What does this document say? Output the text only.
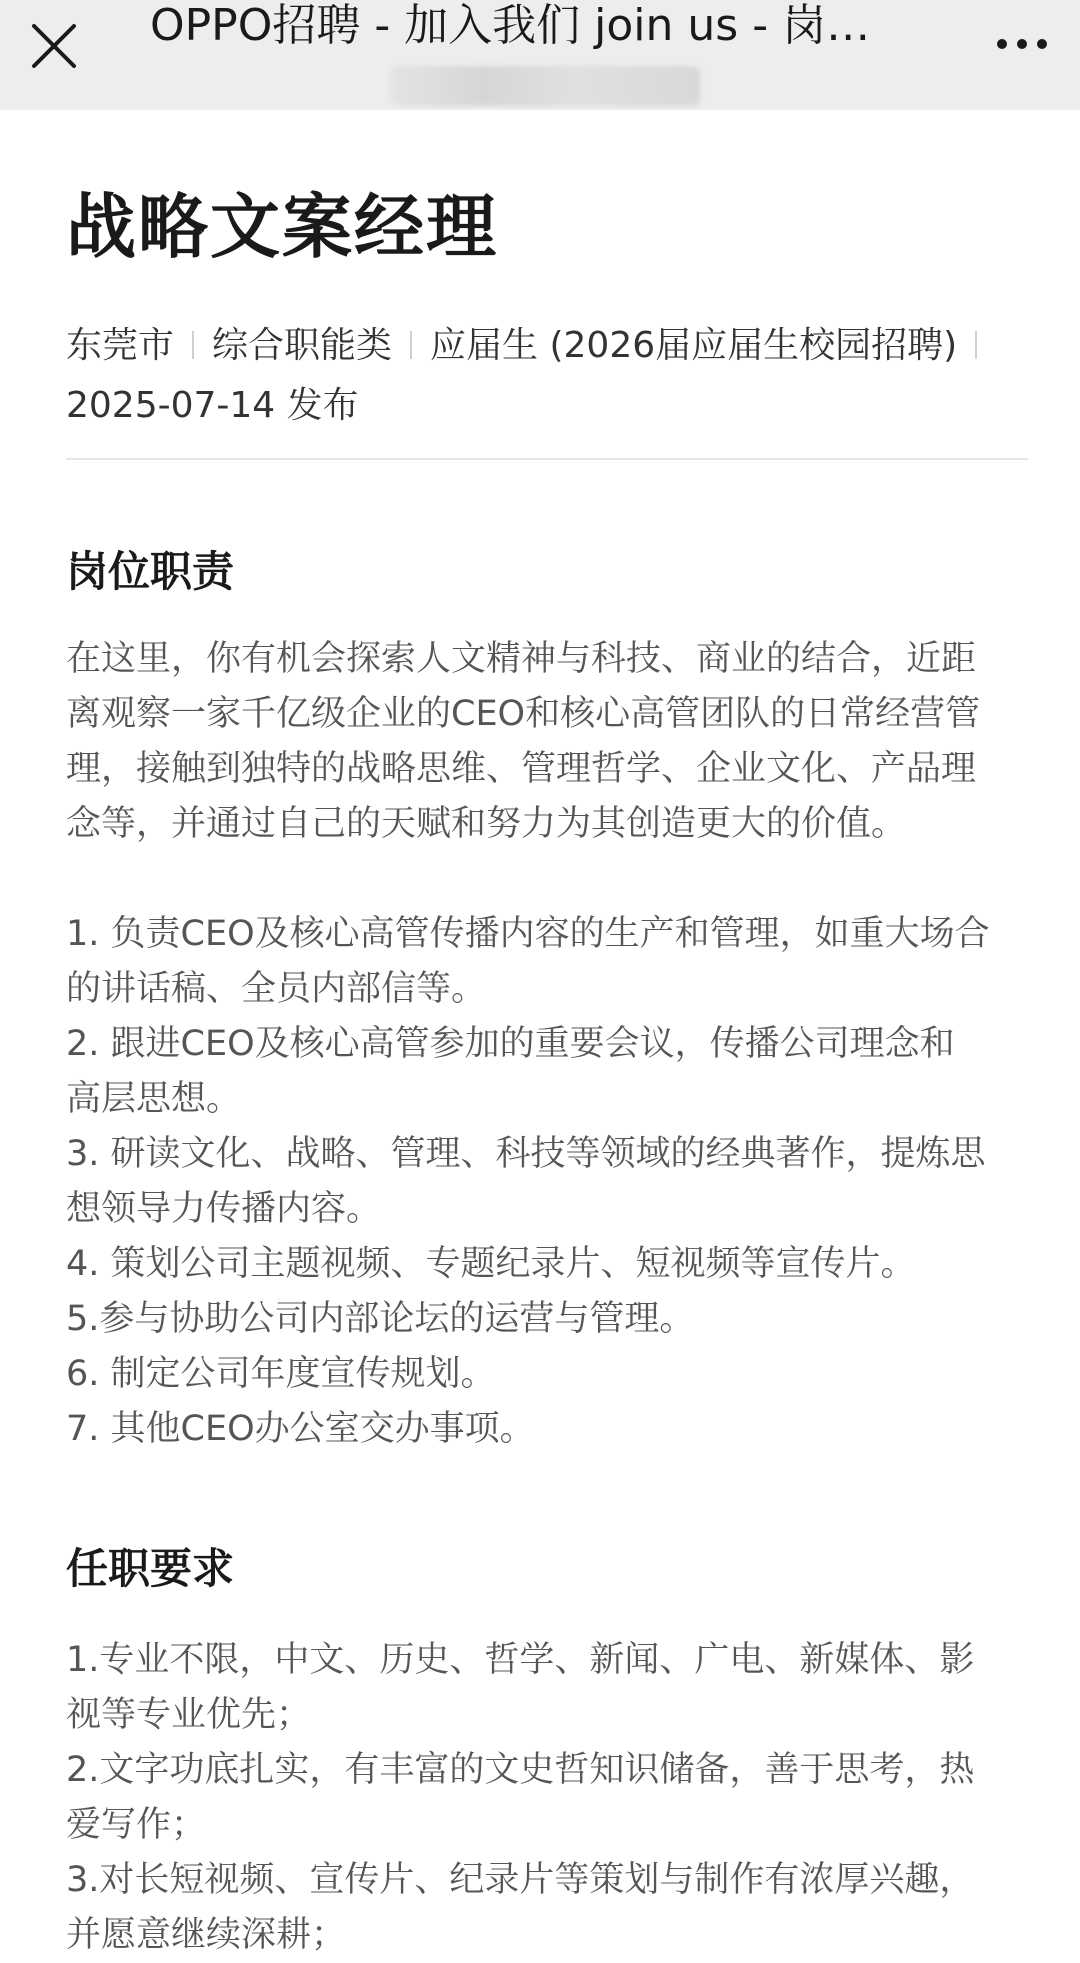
OPPO招聘 - 加入我们 join us - 岗…
战略文案经理
东莞市 综合职能类 应届生 (2026届应届生校园招聘)
2025-07-14 发布
岗位职责

在这里，你有机会探索人文精神与科技、商业的结合，近距
离观察一家千亿级企业的CEO和核心高管团队的日常经营管
理，接触到独特的战略思维、管理哲学、企业文化、产品理
念等，并通过自己的天赋和努力为其创造更大的价值。

1. 负责CEO及核心高管传播内容的生产和管理，如重大场合
的讲话稿、全员内部信等。
2. 跟进CEO及核心高管参加的重要会议，传播公司理念和
高层思想。
3. 研读文化、战略、管理、科技等领域的经典著作，提炼思
想领导力传播内容。
4. 策划公司主题视频、专题纪录片、短视频等宣传片。
5.参与协助公司内部论坛的运营与管理。
6. 制定公司年度宣传规划。
7. 其他CEO办公室交办事项。

任职要求

1.专业不限，中文、历史、哲学、新闻、广电、新媒体、影
视等专业优先；
2.文字功底扎实，有丰富的文史哲知识储备，善于思考，热
爱写作；
3.对长短视频、宣传片、纪录片等策划与制作有浓厚兴趣，
并愿意继续深耕；
